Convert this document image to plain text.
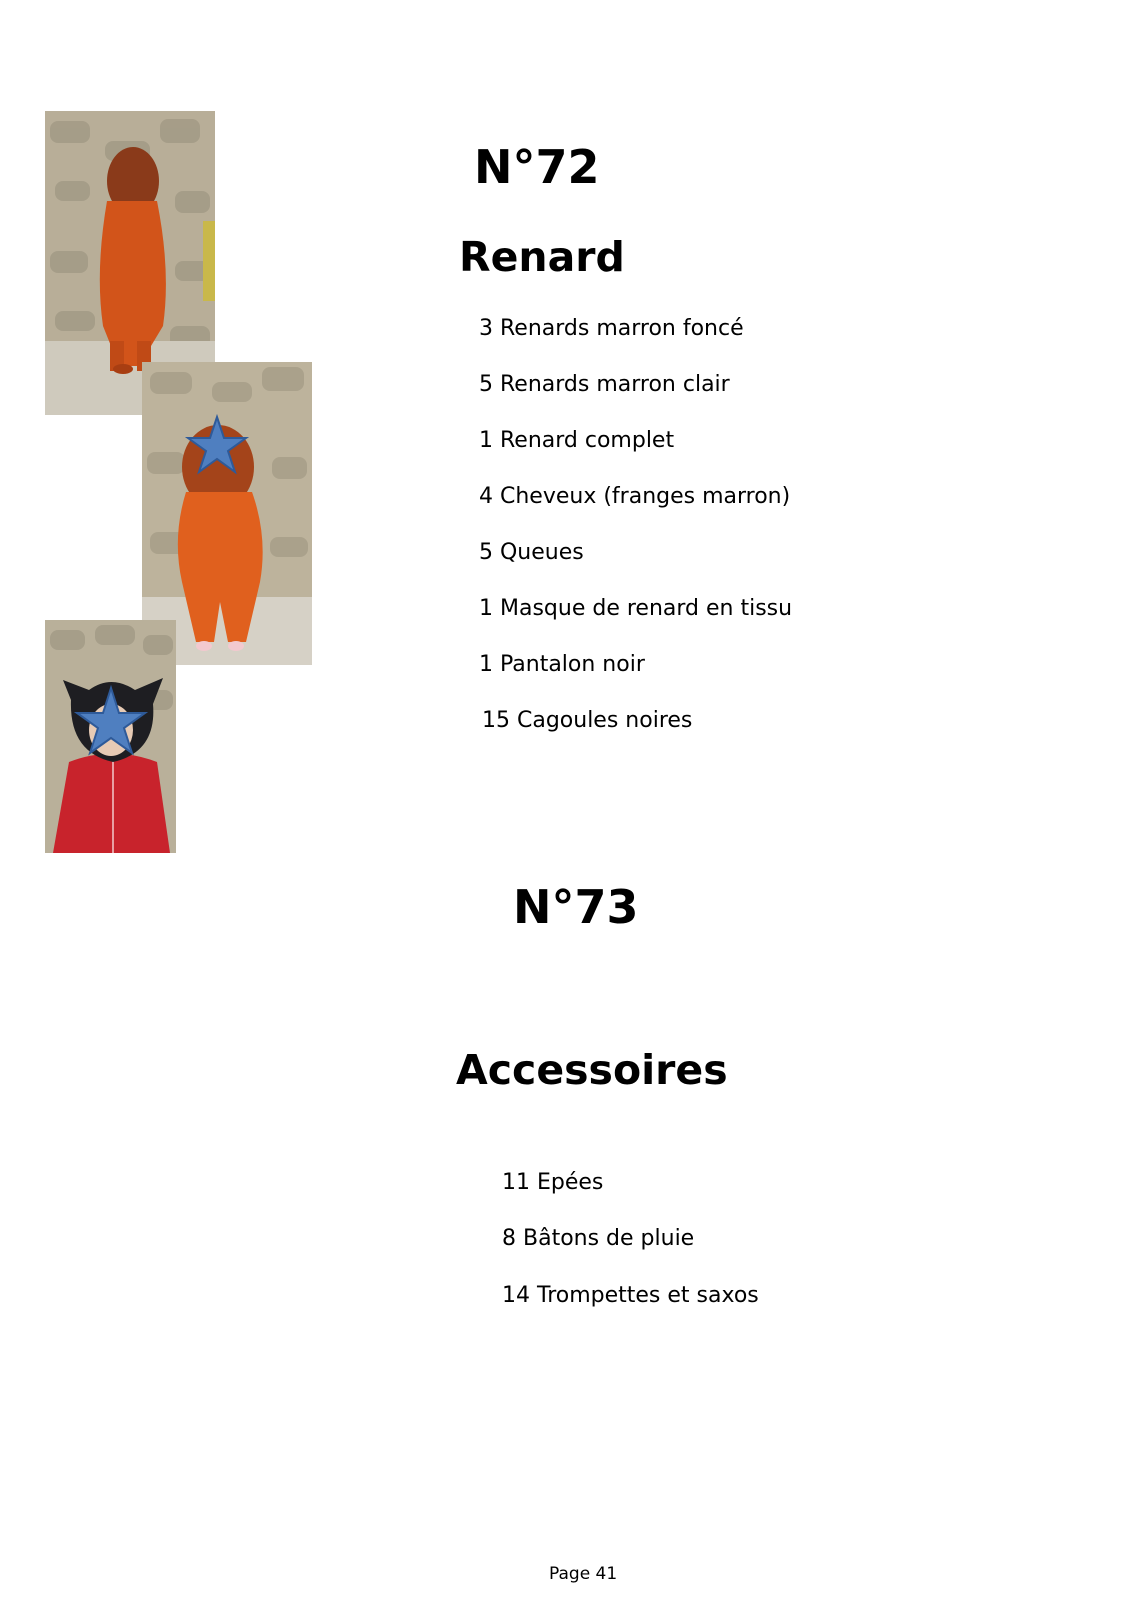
N°72
Renard
3 Renards marron foncé
5 Renards marron clair
1 Renard complet
4 Cheveux (franges marron)
5 Queues
1 Masque de renard en tissu
1 Pantalon noir
15 Cagoules noires
N°73
Accessoires
11 Epées
8 Bâtons de pluie
14 Trompettes et saxos
Page 41
